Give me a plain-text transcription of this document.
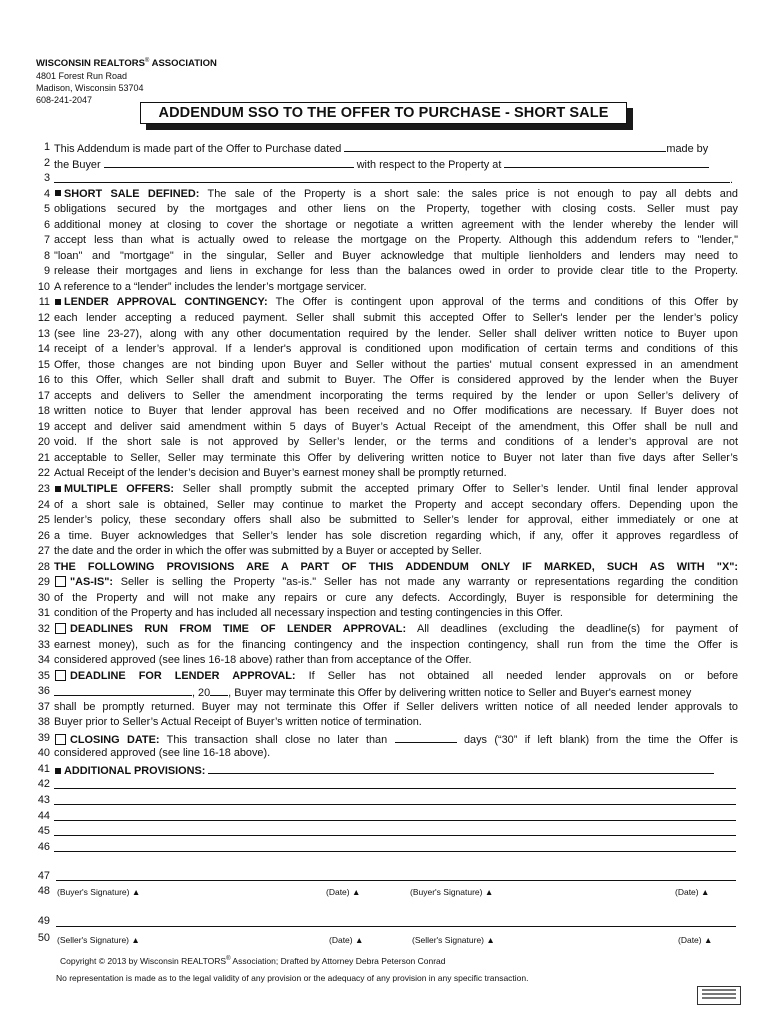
WISCONSIN REALTORS® ASSOCIATION
4801 Forest Run Road
Madison, Wisconsin 53704
608-241-2047
ADDENDUM SSO TO THE OFFER TO PURCHASE - SHORT SALE
1 This Addendum is made part of the Offer to Purchase dated	made by
2 the Buyer	with respect to the Property at
3	.
4	SHORT SALE DEFINED: The sale of the Property is a short sale: the sales price is not enough to pay all debts and
5 obligations secured by the mortgages and other liens on the Property, together with closing costs. Seller must pay
6 additional money at closing to cover the shortage or negotiate a written agreement with the lender whereby the lender will
7 accept less than what is actually owed to release the mortgage on the Property. Although this addendum refers to "lender,"
8 "loan" and "mortgage" in the singular, Seller and Buyer acknowledge that multiple lienholders and lenders may need to
9 release their mortgages and liens in exchange for less than the balances owed in order to provide clear title to the Property.
10 A reference to a “lender” includes the lender’s mortgage servicer.
11	LENDER APPROVAL CONTINGENCY: The Offer is contingent upon approval of the terms and conditions of this Offer by
12 each lender accepting a reduced payment. Seller shall submit this accepted Offer to Seller's lender per the lender’s policy
13 (see line 23-27), along with any other documentation required by the lender. Seller shall deliver written notice to Buyer upon
14 receipt of a lender’s approval. If a lender's approval is conditioned upon modification of certain terms and conditions of this
15 Offer, those changes are not binding upon Buyer and Seller without the parties' mutual consent expressed in an amendment
16 to this Offer, which Seller shall draft and submit to Buyer. The Offer is considered approved by the lender when the Buyer
17 accepts and delivers to Seller the amendment incorporating the terms required by the lender or upon Seller’s delivery of
18 written notice to Buyer that lender approval has been received and no Offer modifications are necessary. If Buyer does not
19 accept and deliver said amendment within 5 days of Buyer’s Actual Receipt of the amendment, this Offer shall be null and
20 void. If the short sale is not approved by Seller’s lender, or the terms and conditions of a lender’s approval are not
21 acceptable to Seller, Seller may terminate this Offer by delivering written notice to Buyer not later than five days after Seller’s
22 Actual Receipt of the lender’s decision and Buyer’s earnest money shall be promptly returned.
23	MULTIPLE OFFERS: Seller shall promptly submit the accepted primary Offer to Seller’s lender. Until final lender approval
24 of a short sale is obtained, Seller may continue to market the Property and accept secondary offers. Depending upon the
25 lender’s policy, these secondary offers shall also be submitted to Seller’s lender for approval, either immediately or one at
26 a time. Buyer acknowledges that Seller’s lender has sole discretion regarding which, if any, offer it approves regardless of
27 the date and the order in which the offer was submitted by a Buyer or accepted by Seller.
28 THE FOLLOWING PROVISIONS ARE A PART OF THIS ADDENDUM ONLY IF MARKED, SUCH AS WITH "X":
29	"AS-IS": Seller is selling the Property "as-is." Seller has not made any warranty or representations regarding the condition
30 of the Property and will not make any repairs or cure any defects. Accordingly, Buyer is responsible for determining the
31 condition of the Property and has included all necessary inspection and testing contingencies in this Offer.
32	DEADLINES RUN FROM TIME OF LENDER APPROVAL: All deadlines (excluding the deadline(s) for payment of
33 earnest money), such as for the financing contingency and the inspection contingency, shall run from the time the Offer is
34 considered approved (see lines 16-18 above) rather than from acceptance of the Offer.
35	DEADLINE FOR LENDER APPROVAL: If Seller has not obtained all needed lender approvals on or before
36	, 20 , Buyer may terminate this Offer by delivering written notice to Seller and Buyer's earnest money
37 shall be promptly returned. Buyer may not terminate this Offer if Seller delivers written notice of all needed lender approvals to
38 Buyer prior to Seller’s Actual Receipt of Buyer’s written notice of termination.
39	CLOSING DATE: This transaction shall close no later than	days (“30” if left blank) from the time the Offer is
40 considered approved (see line 16-18 above).
41	ADDITIONAL PROVISIONS:
42
43
44
45
46
47
48 (Buyer's Signature) ▲	(Date) ▲	(Buyer's Signature) ▲	(Date) ▲
49
50 (Seller's Signature) ▲	(Date) ▲	(Seller's Signature) ▲	(Date) ▲
Copyright © 2013 by Wisconsin REALTORS® Association; Drafted by Attorney Debra Peterson Conrad
No representation is made as to the legal validity of any provision or the adequacy of any provision in any specific transaction.
